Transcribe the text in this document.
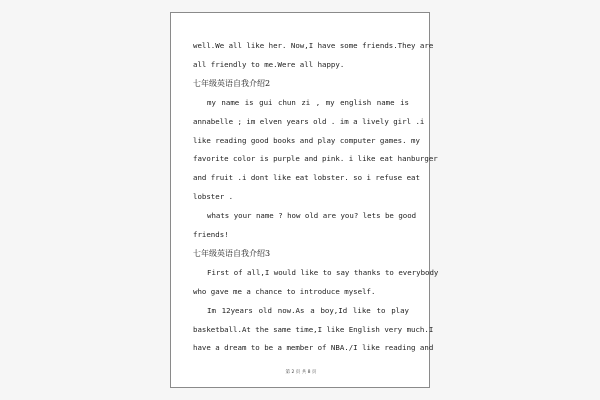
well.We all like her. Now,I have some friends.They are
all friendly to me.Were all happy.
七年级英语自我介绍2
my name is gui chun zi , my english name is
annabelle ; im elven years old . im a lively girl .i
like reading good books and play computer games. my
favorite color is purple and pink. i like eat hanburger
and fruit .i dont like eat lobster. so i refuse eat
lobster .
whats your name ? how old are you? lets be good
friends!
七年级英语自我介绍3
First of all,I would like to say thanks to everybody
who gave me a chance to introduce myself.
Im 12years old now.As a boy,Id like to play
basketball.At the same time,I like English very much.I
have a dream to be a member of NBA./I like reading and
第 2 页 共 8 页
